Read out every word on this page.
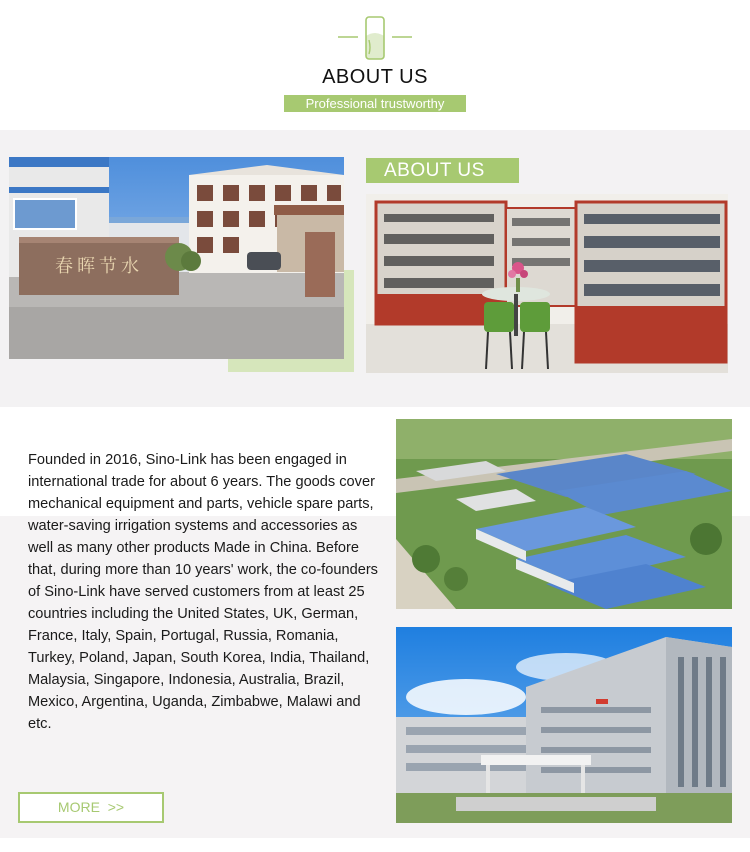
ABOUT US
Professional trustworthy
春晖节水
ABOUT US
Founded in 2016, Sino-Link has been engaged in international trade for about 6 years. The goods cover mechanical equipment and parts, vehicle spare parts, water-saving irrigation systems and accessories as well as many other products Made in China. Before that, during more than 10 years' work, the co-founders of Sino-Link have served customers from at least 25 countries including the United States, UK, German, France, Italy, Spain, Portugal, Russia, Romania, Turkey, Poland, Japan, South Korea, India, Thailand, Malaysia, Singapore, Indonesia, Australia, Brazil, Mexico, Argentina, Uganda, Zimbabwe, Malawi and etc.
MORE >>
